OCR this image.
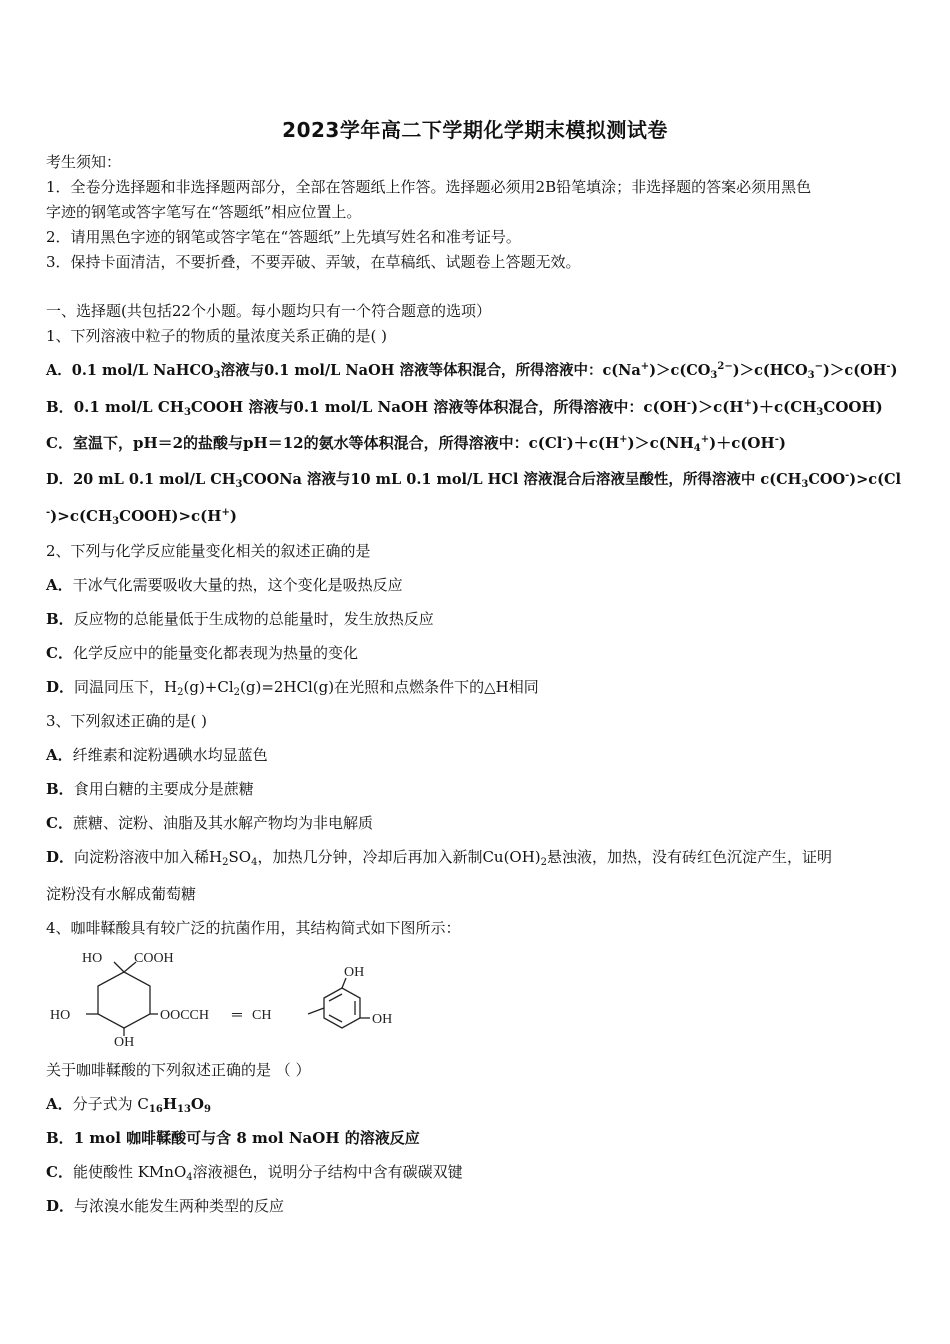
2023学年高二下学期化学期末模拟测试卷
考生须知：
1．全卷分选择题和非选择题两部分，全部在答题纸上作答。选择题必须用2B铅笔填涂；非选择题的答案必须用黑色
字迹的钢笔或答字笔写在“答题纸”相应位置上。
2．请用黑色字迹的钢笔或答字笔在“答题纸”上先填写姓名和准考证号。
3．保持卡面清洁，不要折叠，不要弄破、弄皱，在草稿纸、试题卷上答题无效。
一、选择题(共包括22个小题。每小题均只有一个符合题意的选项）
1、下列溶液中粒子的物质的量浓度关系正确的是( )
A．0.1 mol/L NaHCO$_3$溶液与0.1 mol/L NaOH 溶液等体积混合，所得溶液中：$c(Na^+)>c(CO_3^{2-})>c(HCO_3^-)>c(OH^-)$
B．0.1 mol/L $CH_3COOH$ 溶液与0.1 mol/L NaOH 溶液等体积混合，所得溶液中：$c(OH^-)>c(H^+)+c(CH_3COOH)$
C．室温下，pH＝2的盐酸与pH＝12的氨水等体积混合，所得溶液中：$c(Cl^-)+c(H^+)>c(NH_4^+)+c(OH^-)$
D．20 mL 0.1 mol/L $CH_3COONa$ 溶液与10 mL 0.1 mol/L HCl 溶液混合后溶液呈酸性，所得溶液中 $c(CH_3COO^-)>c(Cl$
$^-)>c(CH_3COOH)>c(H^+)$
2、下列与化学反应能量变化相关的叙述正确的是
A．干冰气化需要吸收大量的热，这个变化是吸热反应
B．反应物的总能量低于生成物的总能量时，发生放热反应
C．化学反应中的能量变化都表现为热量的变化
D．同温同压下，$H_2(g)+Cl_2(g)=2HCl(g)$在光照和点燃条件下的△H相同
3、下列叙述正确的是( )
A．纤维素和淀粉遇碘水均显蓝色
B．食用白糖的主要成分是蔗糖
C．蔗糖、淀粉、油脂及其水解产物均为非电解质
D．向淀粉溶液中加入稀$H_2SO_4$，加热几分钟，冷却后再加入新制$Cu(OH)_2$悬浊液，加热，没有砖红色沉淀产生，证明
淀粉没有水解成葡萄糖
4、咖啡鞣酸具有较广泛的抗菌作用，其结构简式如下图所示：
HO COOH
HO
OH
OOCCH ═ CH
OH
OH
关于咖啡鞣酸的下列叙述正确的是 （ ）
A．分子式为 $C_{16}H_{13}O_9$
B．1 mol 咖啡鞣酸可与含 8 mol NaOH 的溶液反应
C．能使酸性 KMnO$_4$溶液褪色，说明分子结构中含有碳碳双键
D．与浓溴水能发生两种类型的反应
